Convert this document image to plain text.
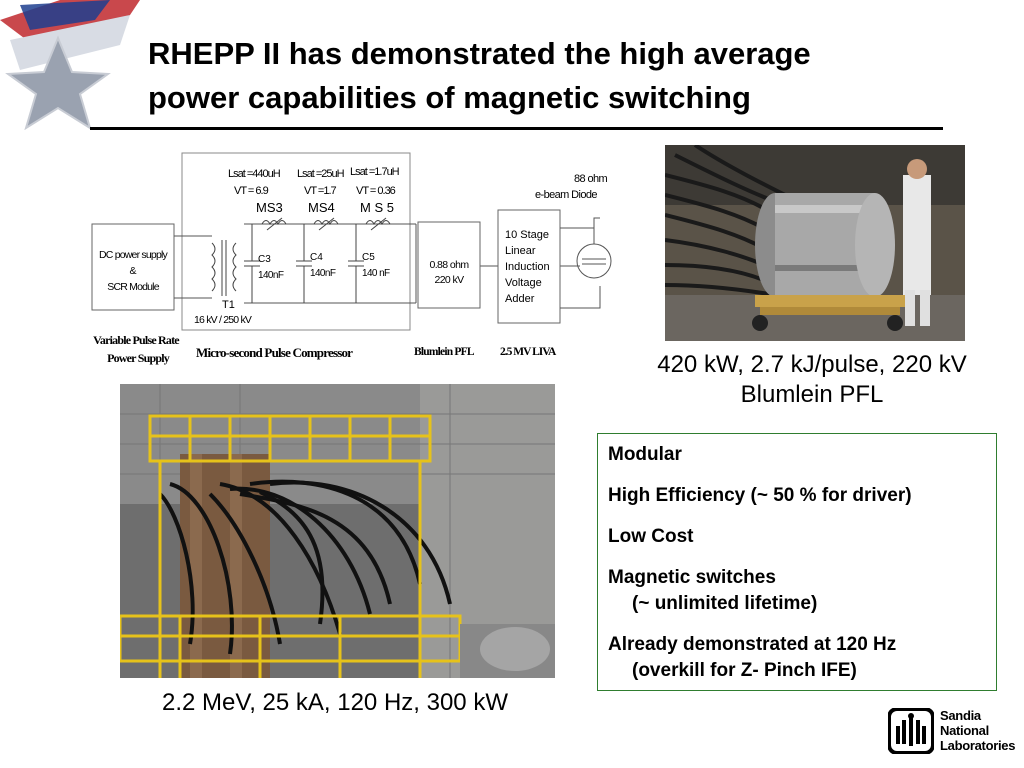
RHEPP II has demonstrated the high average
power capabilities of magnetic switching
DC power supply
&
SCR Module
T1
16 kV / 250 kV
C3
140nF
C4
140nF
C5
140 nF
Lsat =440uH
VT = 6.9
MS3
Lsat =25uH
VT =1.7
MS4
Lsat =1.7uH
VT = 0.36
M S 5
0.88 ohm
220 kV
10 Stage Linear Induction Voltage Adder
88 ohm
e-beam Diode
Variable Pulse Rate
Power Supply Micro-second Pulse Compressor	Blumlein PFL 2.5 MV LIVA	420 kW, 2.7 kJ/pulse, 220 kV
Blumlein PFL
2.2 MeV, 25 kA, 120 Hz, 300 kW

Modular

High Efficiency (~ 50 % for driver)

Low Cost

Magnetic switches
(~ unlimited lifetime)

Already demonstrated at 120 Hz
(overkill for Z- Pinch IFE)

Sandia
National
Laboratories
